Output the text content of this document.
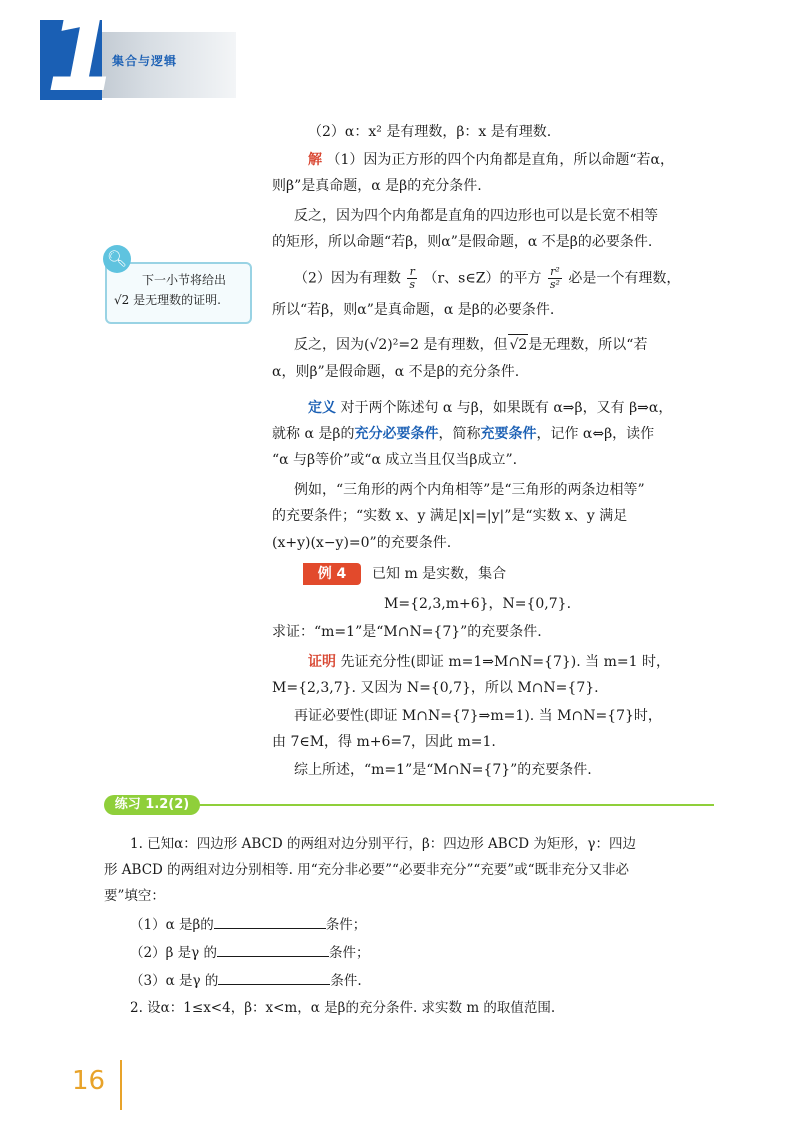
1
集合与逻辑
（2）α：x² 是有理数，β：x 是有理数.
解 （1）因为正方形的四个内角都是直角，所以命题“若α，
则β”是真命题，α 是β的充分条件.
反之，因为四个内角都是直角的四边形也可以是长宽不相等
的矩形，所以命题“若β，则α”是假命题，α 不是β的必要条件.
（2）因为有理数 $\frac{r}{s} (r$、s∈Z）的平方 $\frac{\text{r²}}{\text{s²}}$ 必是一个有理数，
所以“若β，则α”是真命题，α 是β的必要条件.
反之，因为(√2)²=2 是有理数，但 √2是无理数，所以“若
α，则β”是假命题，α 不是β的充分条件.
🔍︎
下一小节将给出
√2 是无理数的证明.
定义 对于两个陈述句 α 与β，如果既有 α⇒β，又有 β⇒α，
就称 α 是β的充分必要条件，简称充要条件，记作 α⇔β，读作
“α 与β等价”或“α 成立当且仅当β成立”.
例如，“三角形的两个内角相等”是“三角形的两条边相等”
的充要条件；“实数 x、y 满足|x|=|y|”是“实数 x、y 满足
(x+y)(x−y)=0”的充要条件.
例 4	已知 m 是实数，集合
M={2,3,m+6}，N={0,7}.
求证：“m=1”是“M∩N={7}”的充要条件.
证明 先证充分性(即证 m=1⇒M∩N={7}). 当 m=1 时，
M={2,3,7}. 又因为 N={0,7}，所以 M∩N={7}.
再证必要性(即证 M∩N={7}⇒m=1). 当 M∩N={7}时，
由 7∈M，得 m+6=7，因此 m=1.
综上所述，“m=1”是“M∩N={7}”的充要条件.
练习 1.2(2)
1. 已知α：四边形 ABCD 的两组对边分别平行，β：四边形 ABCD 为矩形，γ：四边
形 ABCD 的两组对边分别相等. 用“充分非必要”“必要非充分”“充要”或“既非充分又非必
要”填空：
（1）α 是β的	条件；
（2）β 是γ 的	条件；
（3）α 是γ 的	条件.
2. 设α：1≤x<4，β：x<m，α 是β的充分条件. 求实数 m 的取值范围.
16
